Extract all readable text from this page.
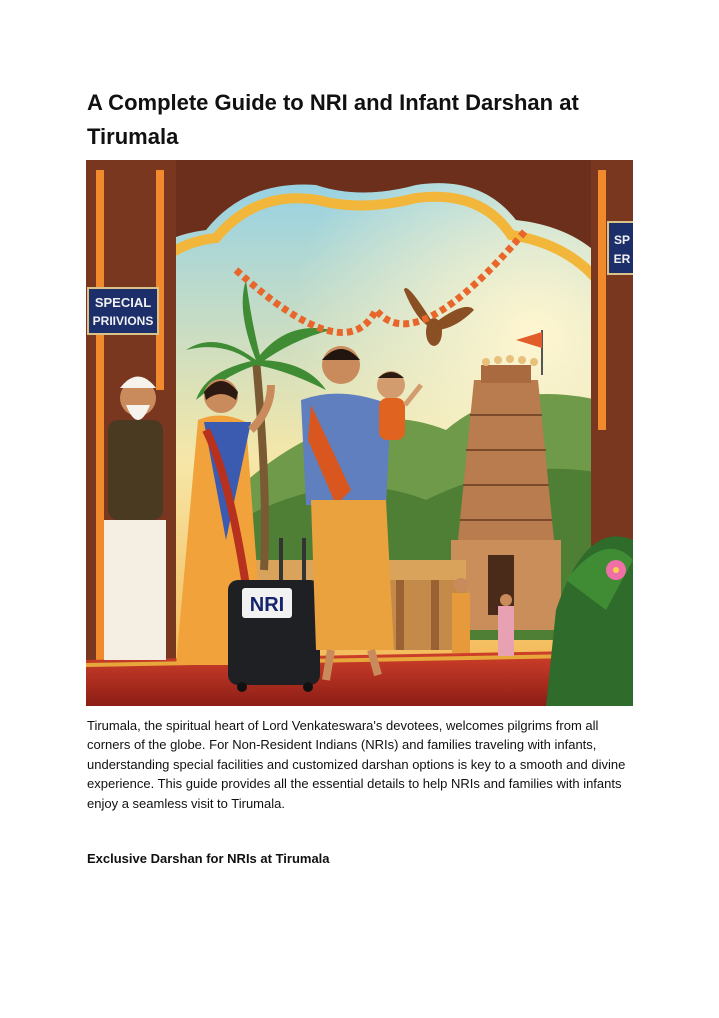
A Complete Guide to NRI and Infant Darshan at Tirumala
SPECIAL
PRIIVIONS
SP
ER
NRI

Tirumala, the spiritual heart of Lord Venkateswara's devotees, welcomes pilgrims from all corners of the globe. For Non-Resident Indians (NRIs) and families traveling with infants, understanding special facilities and customized darshan options is key to a smooth and divine experience. This guide provides all the essential details to help NRIs and families with infants enjoy a seamless visit to Tirumala.

Exclusive Darshan for NRIs at Tirumala
